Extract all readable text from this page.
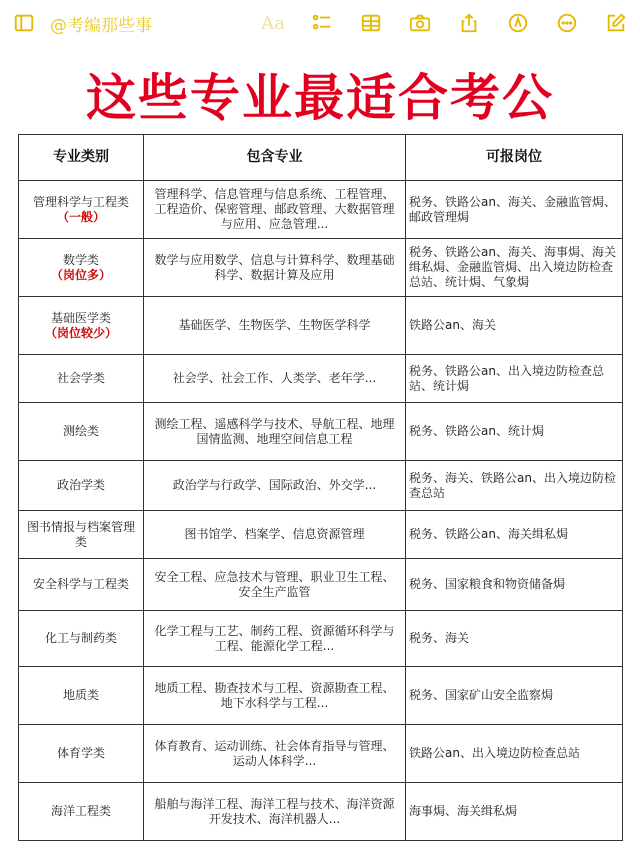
@考编那些事	Aa
这些专业最适合考公
专业类别	包含专业	可报岗位
管理科学与工程类
（一般）	管理科学、信息管理与信息系统、工程管理、工程造价、保密管理、邮政管理、大数据管理与应用、应急管理...	税务、铁路公an、海关、金融监管焗、邮政管理焗
数学类
（岗位多）	数学与应用数学、信息与计算科学、数理基础科学、数据计算及应用	税务、铁路公an、海关、海事焗、海关缉私焗、金融监管焗、出入境边防检查总站、统计焗、气象焗
基础医学类
（岗位较少）	基础医学、生物医学、生物医学科学	铁路公an、海关
社会学类	社会学、社会工作、人类学、老年学...	税务、铁路公an、出入境边防检查总站、统计焗
测绘类	测绘工程、遥感科学与技术、导航工程、地理国情监测、地理空间信息工程	税务、铁路公an、统计焗
政治学类	政治学与行政学、国际政治、外交学...	税务、海关、铁路公an、出入境边防检查总站
图书情报与档案管理类	图书馆学、档案学、信息资源管理	税务、铁路公an、海关缉私焗
安全科学与工程类	安全工程、应急技术与管理、职业卫生工程、安全生产监管	税务、国家粮食和物资储备焗
化工与制药类	化学工程与工艺、制药工程、资源循环科学与工程、能源化学工程...	税务、海关
地质类	地质工程、勘查技术与工程、资源勘查工程、地下水科学与工程...	税务、国家矿山安全监察焗
体育学类	体育教育、运动训练、社会体育指导与管理、运动人体科学...	铁路公an、出入境边防检查总站
海洋工程类	船舶与海洋工程、海洋工程与技术、海洋资源开发技术、海洋机器人...	海事焗、海关缉私焗
